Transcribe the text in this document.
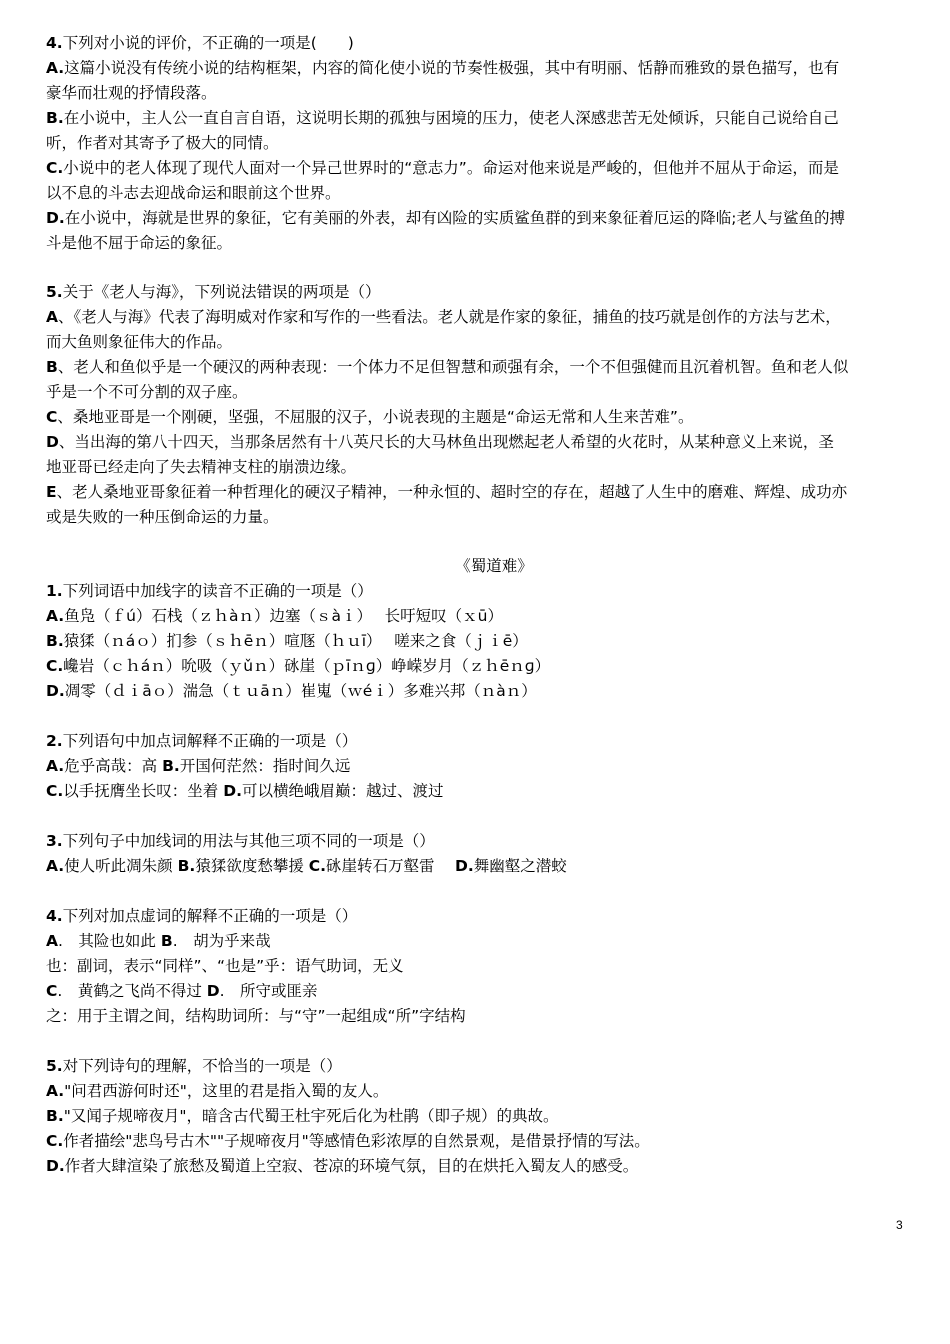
4.下列对小说的评价，不正确的一项是(　　)
A.这篇小说没有传统小说的结构框架，内容的简化使小说的节奏性极强，其中有明丽、恬静而雅致的景色描写，也有
豪华而壮观的抒情段落。
B.在小说中，主人公一直自言自语，这说明长期的孤独与困境的压力，使老人深感悲苦无处倾诉，只能自己说给自己
听，作者对其寄予了极大的同情。
C.小说中的老人体现了现代人面对一个异己世界时的“意志力”。命运对他来说是严峻的，但他并不屈从于命运，而是
以不息的斗志去迎战命运和眼前这个世界。
D.在小说中，海就是世界的象征，它有美丽的外表，却有凶险的实质鲨鱼群的到来象征着厄运的降临;老人与鲨鱼的搏
斗是他不屈于命运的象征。
5.关于《老人与海》，下列说法错误的两项是（）
A、《老人与海》代表了海明威对作家和写作的一些看法。老人就是作家的象征，捕鱼的技巧就是创作的方法与艺术，
而大鱼则象征伟大的作品。
B、老人和鱼似乎是一个硬汉的两种表现：一个体力不足但智慧和顽强有余，一个不但强健而且沉着机智。鱼和老人似
乎是一个不可分割的双子座。
C、桑地亚哥是一个刚硬，坚强，不屈服的汉子，小说表现的主题是“命运无常和人生来苦难”。
D、当出海的第八十四天，当那条居然有十八英尺长的大马林鱼出现燃起老人希望的火花时，从某种意义上来说，圣
地亚哥已经走向了失去精神支柱的崩溃边缘。
E、老人桑地亚哥象征着一种哲理化的硬汉子精神，一种永恒的、超时空的存在，超越了人生中的磨难、辉煌、成功亦
或是失败的一种压倒命运的力量。
《蜀道难》
1.下列词语中加线字的读音不正确的一项是（）
A.鱼凫（ｆú）石栈（ｚｈàｎ）边塞（ｓàｉ）　 长吁短叹（ｘū）
B.猿猱（ｎáｏ）扪参（ｓｈēｎ）喧豗（ｈｕī）　 嗟来之食（ｊｉē）
C.巉岩（ｃｈáｎ）吮吸（ｙǔｎ）砯崖（ｐīｎɡ）峥嵘岁月（ｚｈēｎɡ）
D.凋零（ｄｉāｏ）湍急（ｔｕāｎ）崔嵬（ｗéｉ）多难兴邦（ｎàｎ）
2.下列语句中加点词解释不正确的一项是（）
A.危乎高哉：高 B.开国何茫然：指时间久远
C.以手抚膺坐长叹：坐着 D.可以横绝峨眉巅：越过、渡过
3.下列句子中加线词的用法与其他三项不同的一项是（）
A.使人听此凋朱颜 B.猿猱欲度愁攀援 C.砯崖转石万壑雷　 D.舞幽壑之潜蛟
4.下列对加点虚词的解释不正确的一项是（）
A.　其险也如此 B.　胡为乎来哉
也：副词，表示“同样”、“也是”乎：语气助词，无义
C.　黄鹤之飞尚不得过 D.　所守或匪亲
之：用于主谓之间，结构助词所：与“守”一起组成“所”字结构
5.对下列诗句的理解，不恰当的一项是（）
A."问君西游何时还"，这里的君是指入蜀的友人。
B."又闻子规啼夜月"，暗含古代蜀王杜宇死后化为杜鹃（即子规）的典故。
C.作者描绘"悲鸟号古木""子规啼夜月"等感情色彩浓厚的自然景观，是借景抒情的写法。
D.作者大肆渲染了旅愁及蜀道上空寂、苍凉的环境气氛，目的在烘托入蜀友人的感受。
3
